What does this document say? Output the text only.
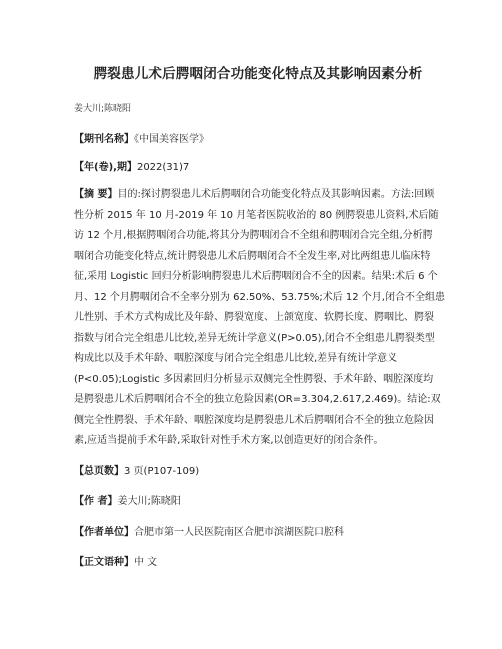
腭裂患儿术后腭咽闭合功能变化特点及其影响因素分析
姜大川;陈晓阳
【期刊名称】《中国美容医学》
【年(卷),期】2022(31)7
【摘 要】目的:探讨腭裂患儿术后腭咽闭合功能变化特点及其影响因素。方法:回顾
性分析 2015 年 10 月-2019 年 10 月笔者医院收治的 80 例腭裂患儿资料,术后随
访 12 个月,根据腭咽闭合功能,将其分为腭咽闭合不全组和腭咽闭合完全组,分析腭
咽闭合功能变化特点,统计腭裂患儿术后腭咽闭合不全发生率,对比两组患儿临床特
征,采用 Logistic 回归分析影响腭裂患儿术后腭咽闭合不全的因素。结果:术后 6 个
月、12 个月腭咽闭合不全率分别为 62.50%、53.75%;术后 12 个月,闭合不全组患
儿性别、手术方式构成比及年龄、腭裂宽度、上颌宽度、软腭长度、腭咽比、腭裂
指数与闭合完全组患儿比较,差异无统计学意义(P>0.05),闭合不全组患儿腭裂类型
构成比以及手术年龄、咽腔深度与闭合完全组患儿比较,差异有统计学意义
(P<0.05);Logistic 多因素回归分析显示双侧完全性腭裂、手术年龄、咽腔深度均
是腭裂患儿术后腭咽闭合不全的独立危险因素(OR=3.304,2.617,2.469)。结论:双
侧完全性腭裂、手术年龄、咽腔深度均是腭裂患儿术后腭咽闭合不全的独立危险因
素,应适当提前手术年龄,采取针对性手术方案,以创造更好的闭合条件。
【总页数】3 页(P107-109)
【作 者】姜大川;陈晓阳
【作者单位】合肥市第一人民医院南区合肥市滨湖医院口腔科
【正文语种】中 文
